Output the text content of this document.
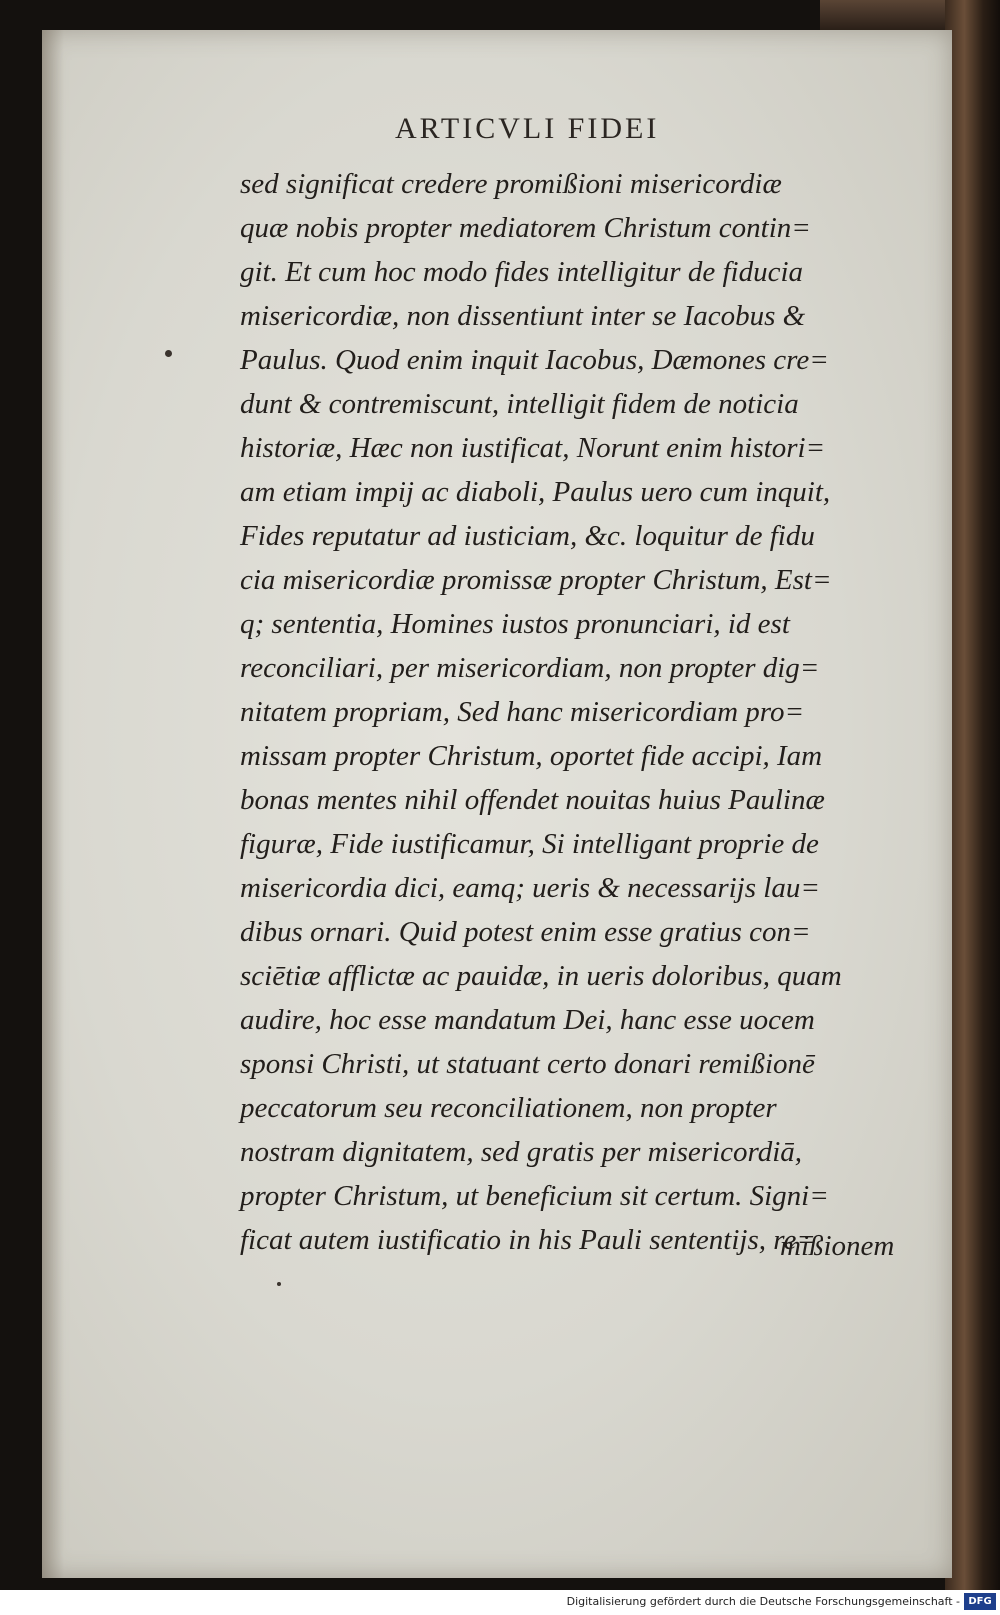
ARTICVLI FIDEI
sed significat credere promißioni misericordiæ
quæ nobis propter mediatorem Christum contin=
git. Et cum hoc modo fides intelligitur de fiducia
misericordiæ, non dissentiunt inter se Iacobus &
Paulus. Quod enim inquit Iacobus, Dæmones cre=
dunt & contremiscunt, intelligit fidem de noticia
historiæ, Hæc non iustificat, Norunt enim histori=
am etiam impij ac diaboli, Paulus uero cum inquit,
Fides reputatur ad iusticiam, &c. loquitur de fidu
cia misericordiæ promissæ propter Christum, Est=
q; sententia, Homines iustos pronunciari, id est
reconciliari, per misericordiam, non propter dig=
nitatem propriam, Sed hanc misericordiam pro=
missam propter Christum, oportet fide accipi, Iam
bonas mentes nihil offendet nouitas huius Paulinæ
figuræ, Fide iustificamur, Si intelligant proprie de
misericordia dici, eamq; ueris & necessarijs lau=
dibus ornari. Quid potest enim esse gratius con=
sciētiæ afflictæ ac pauidæ, in ueris doloribus, quam
audire, hoc esse mandatum Dei, hanc esse uocem
sponsi Christi, ut statuant certo donari remißionē
peccatorum seu reconciliationem, non propter
nostram dignitatem, sed gratis per misericordiā,
propter Christum, ut beneficium sit certum. Signi=
ficat autem iustificatio in his Pauli sententijs, re=
mißionem
Digitalisierung gefördert durch die Deutsche Forschungsgemeinschaft - DFG
